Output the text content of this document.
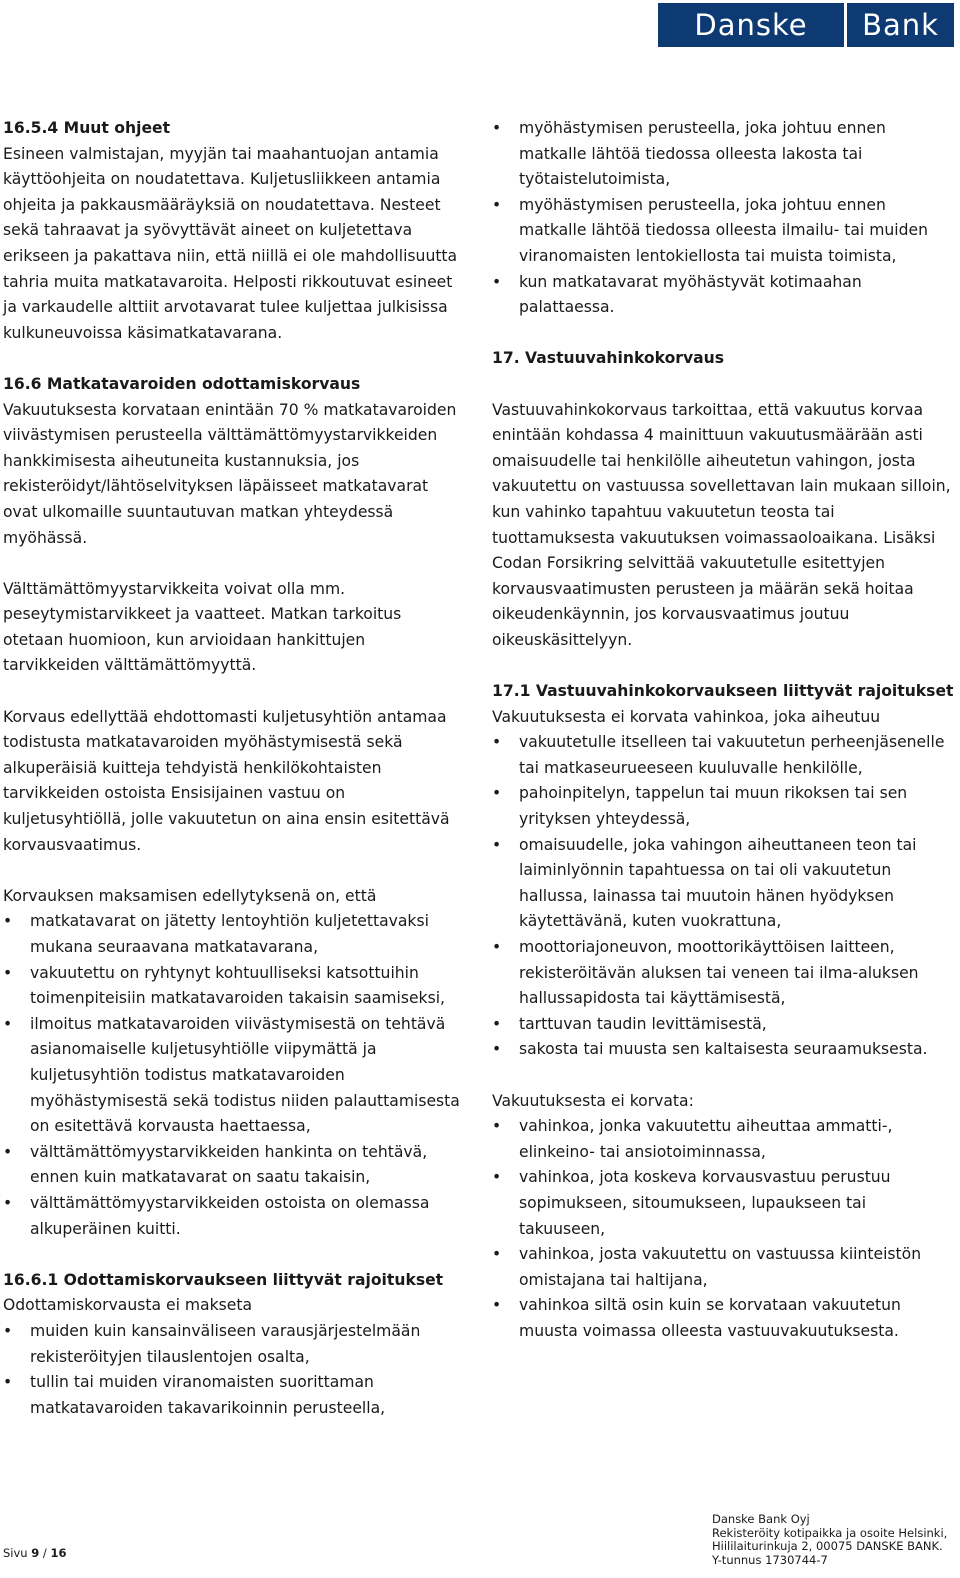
Danske	Bank

16.5.4 Muut ohjeet

Esineen valmistajan, myyjän tai maahantuojan antamia käyttöohjeita on noudatettava. Kuljetusliikkeen antamia ohjeita ja pakkausmääräyksiä on noudatettava. Nesteet sekä tahraavat ja syövyttävät aineet on kuljetettava erikseen ja pakattava niin, että niillä ei ole mahdollisuutta tahria muita matkatavaroita. Helposti rikkoutuvat esineet ja varkaudelle alttiit arvotavarat tulee kuljettaa julkisissa kulkuneuvoissa käsimatkatavarana.

16.6 Matkatavaroiden odottamiskorvaus

Vakuutuksesta korvataan enintään 70 % matkatavaroiden viivästymisen perusteella välttämättömyystarvikkeiden hankkimisesta aiheutuneita kustannuksia, jos rekisteröidyt/lähtöselvityksen läpäisseet matkatavarat ovat ulkomaille suuntautuvan matkan yhteydessä myöhässä.

Välttämättömyystarvikkeita voivat olla mm. peseytymistarvikkeet ja vaatteet. Matkan tarkoitus otetaan huomioon, kun arvioidaan hankittujen tarvikkeiden välttämättömyyttä.

Korvaus edellyttää ehdottomasti kuljetusyhtiön antamaa todistusta matkatavaroiden myöhästymisestä sekä alkuperäisiä kuitteja tehdyistä henkilökohtaisten tarvikkeiden ostoista Ensisijainen vastuu on kuljetusyhtiöllä, jolle vakuutetun on aina ensin esitettävä korvausvaatimus.

Korvauksen maksamisen edellytyksenä on, että

• matkatavarat on jätetty lentoyhtiön kuljetettavaksi mukana seuraavana matkatavarana,
• vakuutettu on ryhtynyt kohtuulliseksi katsottuihin toimenpiteisiin matkatavaroiden takaisin saamiseksi,
• ilmoitus matkatavaroiden viivästymisestä on tehtävä asianomaiselle kuljetusyhtiölle viipymättä ja kuljetusyhtiön todistus matkatavaroiden myöhästymisestä sekä todistus niiden palauttamisesta on esitettävä korvausta haettaessa,
• välttämättömyystarvikkeiden hankinta on tehtävä, ennen kuin matkatavarat on saatu takaisin,
• välttämättömyystarvikkeiden ostoista on olemassa alkuperäinen kuitti.

16.6.1 Odottamiskorvaukseen liittyvät rajoitukset

Odottamiskorvausta ei makseta

• muiden kuin kansainväliseen varausjärjestelmään rekisteröityjen tilauslentojen osalta,
• tullin tai muiden viranomaisten suorittaman matkatavaroiden takavarikoinnin perusteella,
• myöhästymisen perusteella, joka johtuu ennen matkalle lähtöä tiedossa olleesta lakosta tai työtaistelutoimista,
• myöhästymisen perusteella, joka johtuu ennen matkalle lähtöä tiedossa olleesta ilmailu- tai muiden viranomaisten lentokiellosta tai muista toimista,
• kun matkatavarat myöhästyvät kotimaahan palattaessa.

17. Vastuuvahinkokorvaus

Vastuuvahinkokorvaus tarkoittaa, että vakuutus korvaa enintään kohdassa 4 mainittuun vakuutusmäärään asti omaisuudelle tai henkilölle aiheutetun vahingon, josta vakuutettu on vastuussa sovellettavan lain mukaan silloin, kun vahinko tapahtuu vakuutetun teosta tai tuottamuksesta vakuutuksen voimassaoloaikana. Lisäksi Codan Forsikring selvittää vakuutetulle esitettyjen korvausvaatimusten perusteen ja määrän sekä hoitaa oikeudenkäynnin, jos korvausvaatimus joutuu oikeuskäsittelyyn.

17.1 Vastuuvahinkokorvaukseen liittyvät rajoitukset

Vakuutuksesta ei korvata vahinkoa, joka aiheutuu

• vakuutetulle itselleen tai vakuutetun perheenjäsenelle tai matkaseurueeseen kuuluvalle henkilölle,
• pahoinpitelyn, tappelun tai muun rikoksen tai sen yrityksen yhteydessä,
• omaisuudelle, joka vahingon aiheuttaneen teon tai laiminlyönnin tapahtuessa on tai oli vakuutetun hallussa, lainassa tai muutoin hänen hyödyksen käytettävänä, kuten vuokrattuna,
• moottoriajoneuvon, moottorikäyttöisen laitteen, rekisteröitävän aluksen tai veneen tai ilma-aluksen hallussapidosta tai käyttämisestä,
• tarttuvan taudin levittämisestä,
• sakosta tai muusta sen kaltaisesta seuraamuksesta.

Vakuutuksesta ei korvata:

• vahinkoa, jonka vakuutettu aiheuttaa ammatti-, elinkeino- tai ansiotoiminnassa,
• vahinkoa, jota koskeva korvausvastuu perustuu sopimukseen, sitoumukseen, lupaukseen tai takuuseen,
• vahinkoa, josta vakuutettu on vastuussa kiinteistön omistajana tai haltijana,
• vahinkoa siltä osin kuin se korvataan vakuutetun muusta voimassa olleesta vastuuvakuutuksesta.
Sivu 9 / 16
Danske Bank Oyj
Rekisteröity kotipaikka ja osoite Helsinki,
Hiililaiturinkuja 2, 00075 DANSKE BANK.
Y-tunnus 1730744-7
